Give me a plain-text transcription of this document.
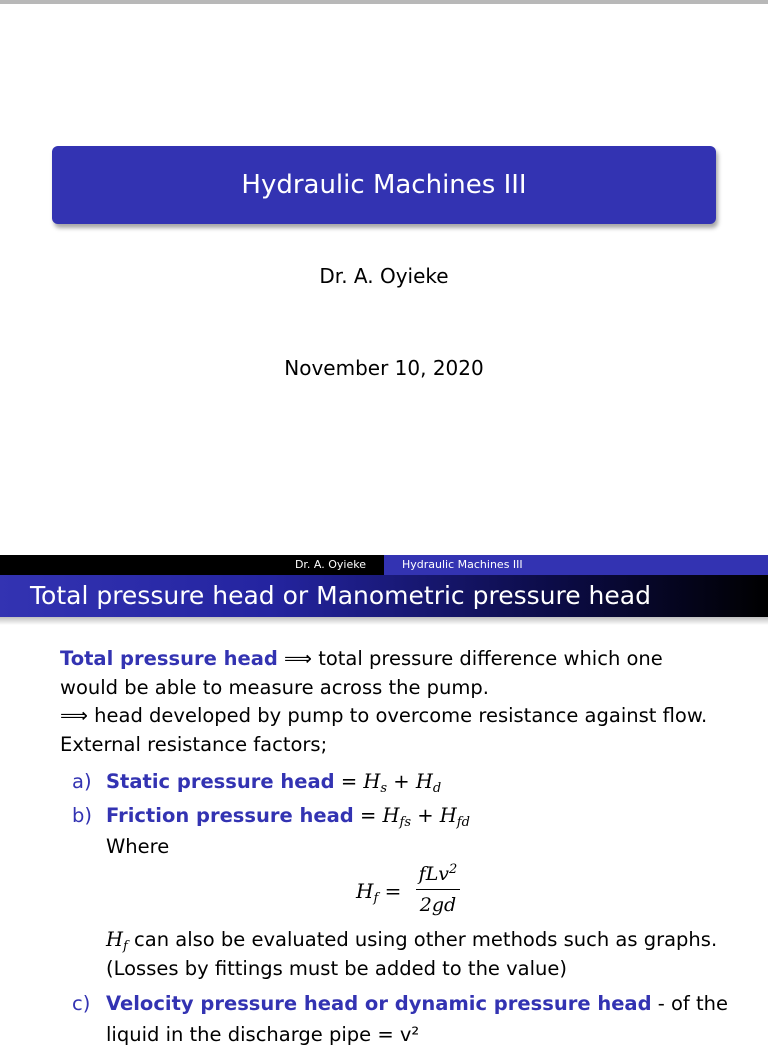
Hydraulic Machines III
Dr. A. Oyieke
November 10, 2020
Dr. A. Oyieke	Hydraulic Machines III
Total pressure head or Manometric pressure head
Total pressure head ⟹ total pressure difference which one
would be able to measure across the pump.
⟹ head developed by pump to overcome resistance against flow.
External resistance factors;
a) Static pressure head = $H_s + H_d$
b) Friction pressure head = $H_{fs} + H_{fd}$
Where
$H_f$ =
fLv$^2$
2gd
$H_f$ can also be evaluated using other methods such as graphs.
(Losses by fittings must be added to the value)
c) Velocity pressure head or dynamic pressure head - of the
liquid in the discharge pipe = v²
